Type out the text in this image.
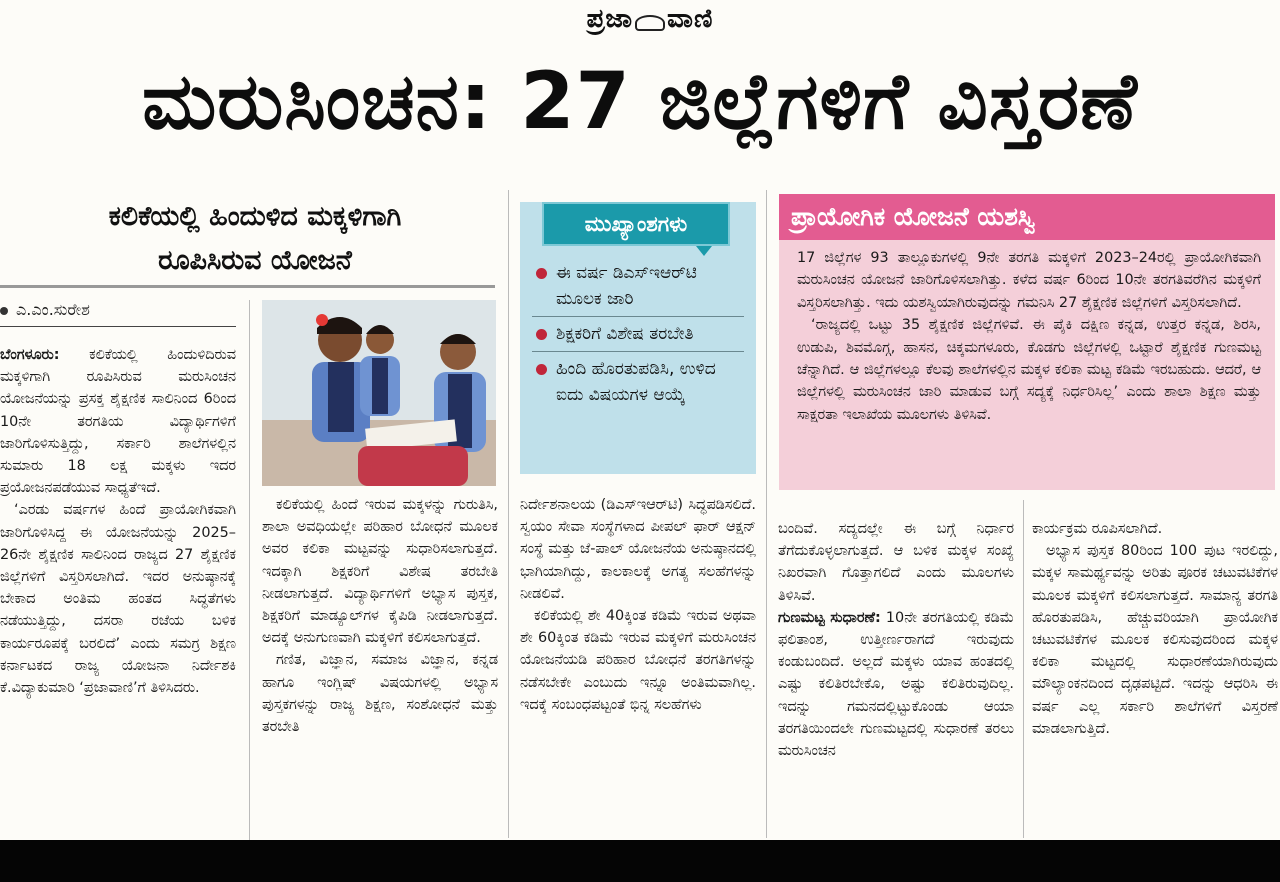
ಪ್ರಜಾ ವಾಣಿ
ಮರುಸಿಂಚನ: 27 ಜಿಲ್ಲೆಗಳಿಗೆ ವಿಸ್ತರಣೆ
ಕಲಿಕೆಯಲ್ಲಿ ಹಿಂದುಳಿದ ಮಕ್ಕಳಿಗಾಗಿ
ರೂಪಿಸಿರುವ ಯೋಜನೆ
ಎ.ಎಂ.ಸುರೇಶ

ಬೆಂಗಳೂರು: ಕಲಿಕೆಯಲ್ಲಿ ಹಿಂದುಳಿದಿರುವ ಮಕ್ಕಳಿಗಾಗಿ ರೂಪಿಸಿರುವ ಮರುಸಿಂಚನ ಯೋಜನೆಯನ್ನು ಪ್ರಸಕ್ತ ಶೈಕ್ಷಣಿಕ ಸಾಲಿನಿಂದ 6ರಿಂದ 10ನೇ ತರಗತಿಯ ವಿದ್ಯಾರ್ಥಿಗಳಿಗೆ ಜಾರಿಗೊಳಿಸುತ್ತಿದ್ದು, ಸರ್ಕಾರಿ ಶಾಲೆಗಳಲ್ಲಿನ ಸುಮಾರು 18 ಲಕ್ಷ ಮಕ್ಕಳು ಇದರ ಪ್ರಯೋಜನಪಡೆಯುವ ಸಾಧ್ಯತೆಇದೆ.

‘ಎರಡು ವರ್ಷಗಳ ಹಿಂದೆ ಪ್ರಾಯೋಗಿಕವಾಗಿ ಜಾರಿಗೊಳಿಸಿದ್ದ ಈ ಯೋಜನೆಯನ್ನು 2025–26ನೇ ಶೈಕ್ಷಣಿಕ ಸಾಲಿನಿಂದ ರಾಜ್ಯದ 27 ಶೈಕ್ಷಣಿಕ ಜಿಲ್ಲೆಗಳಿಗೆ ವಿಸ್ತರಿಸಲಾಗಿದೆ. ಇದರ ಅನುಷ್ಠಾನಕ್ಕೆ ಬೇಕಾದ ಅಂತಿಮ ಹಂತದ ಸಿದ್ಧತೆಗಳು ನಡೆಯುತ್ತಿದ್ದು, ದಸರಾ ರಜೆಯ ಬಳಿಕ ಕಾರ್ಯರೂಪಕ್ಕೆ ಬರಲಿದೆ’ ಎಂದು ಸಮಗ್ರ ಶಿಕ್ಷಣ ಕರ್ನಾಟಕದ ರಾಜ್ಯ ಯೋಜನಾ ನಿರ್ದೇಶಕಿ ಕೆ.ವಿದ್ಯಾಕುಮಾರಿ ‘ಪ್ರಜಾವಾಣಿ’ಗೆ ತಿಳಿಸಿದರು.

ಕಲಿಕೆಯಲ್ಲಿ ಹಿಂದೆ ಇರುವ ಮಕ್ಕಳನ್ನು ಗುರುತಿಸಿ, ಶಾಲಾ ಅವಧಿಯಲ್ಲೇ ಪರಿಹಾರ ಬೋಧನೆ ಮೂಲಕ ಅವರ ಕಲಿಕಾ ಮಟ್ಟವನ್ನು ಸುಧಾರಿಸಲಾಗುತ್ತದೆ. ಇದಕ್ಕಾಗಿ ಶಿಕ್ಷಕರಿಗೆ ವಿಶೇಷ ತರಬೇತಿ ನೀಡಲಾಗುತ್ತದೆ. ವಿದ್ಯಾರ್ಥಿಗಳಿಗೆ ಅಭ್ಯಾಸ ಪುಸ್ತಕ, ಶಿಕ್ಷಕರಿಗೆ ಮಾಡ್ಯೂಲ್‌ಗಳ ಕೈಪಿಡಿ ನೀಡಲಾಗುತ್ತದೆ. ಅದಕ್ಕೆ ಅನುಗುಣವಾಗಿ ಮಕ್ಕಳಿಗೆ ಕಲಿಸಲಾಗುತ್ತದೆ.

ಗಣಿತ, ವಿಜ್ಞಾನ, ಸಮಾಜ ವಿಜ್ಞಾನ, ಕನ್ನಡ ಹಾಗೂ ಇಂಗ್ಲಿಷ್ ವಿಷಯಗಳಲ್ಲಿ ಅಭ್ಯಾಸ ಪುಸ್ತಕಗಳನ್ನು ರಾಜ್ಯ ಶಿಕ್ಷಣ, ಸಂಶೋಧನೆ ಮತ್ತು ತರಬೇತಿ

ಮುಖ್ಯಾಂಶಗಳು
ಈ ವರ್ಷ ಡಿಎಸ್‌ಇಆರ್‌ಟಿ ಮೂಲಕ ಜಾರಿ
ಶಿಕ್ಷಕರಿಗೆ ವಿಶೇಷ ತರಬೇತಿ
ಹಿಂದಿ ಹೊರತುಪಡಿಸಿ, ಉಳಿದ ಐದು ವಿಷಯಗಳ ಆಯ್ಕೆ

ನಿರ್ದೇಶನಾಲಯ (ಡಿಎಸ್‌ಇಆರ್‌ಟಿ) ಸಿದ್ಧಪಡಿಸಲಿದೆ. ಸ್ವಯಂ ಸೇವಾ ಸಂಸ್ಥೆಗಳಾದ ಪೀಪಲ್ ಫಾರ್ ಆಕ್ಷನ್ ಸಂಸ್ಥೆ ಮತ್ತು ಜೆ-ಪಾಲ್ ಯೋಜನೆಯ ಅನುಷ್ಠಾನದಲ್ಲಿ ಭಾಗಿಯಾಗಿದ್ದು, ಕಾಲಕಾಲಕ್ಕೆ ಅಗತ್ಯ ಸಲಹೆಗಳನ್ನು ನೀಡಲಿವೆ.

ಕಲಿಕೆಯಲ್ಲಿ ಶೇ 40ಕ್ಕಿಂತ ಕಡಿಮೆ ಇರುವ ಅಥವಾ ಶೇ 60ಕ್ಕಿಂತ ಕಡಿಮೆ ಇರುವ ಮಕ್ಕಳಿಗೆ ಮರುಸಿಂಚನ ಯೋಜನೆಯಡಿ ಪರಿಹಾರ ಬೋಧನೆ ತರಗತಿಗಳನ್ನು ನಡೆಸಬೇಕೇ ಎಂಬುದು ಇನ್ನೂ ಅಂತಿಮವಾಗಿಲ್ಲ. ಇದಕ್ಕೆ ಸಂಬಂಧಪಟ್ಟಂತೆ ಭಿನ್ನ ಸಲಹೆಗಳು

ಪ್ರಾಯೋಗಿಕ ಯೋಜನೆ ಯಶಸ್ವಿ

17 ಜಿಲ್ಲೆಗಳ 93 ತಾಲ್ಲೂಕುಗಳಲ್ಲಿ 9ನೇ ತರಗತಿ ಮಕ್ಕಳಿಗೆ 2023–24ರಲ್ಲಿ ಪ್ರಾಯೋಗಿಕವಾಗಿ ಮರುಸಿಂಚನ ಯೋಜನೆ ಜಾರಿಗೊಳಿಸಲಾಗಿತ್ತು. ಕಳೆದ ವರ್ಷ 6ರಿಂದ 10ನೇ ತರಗತಿವರೆಗಿನ ಮಕ್ಕಳಿಗೆ ವಿಸ್ತರಿಸಲಾಗಿತ್ತು. ಇದು ಯಶಸ್ವಿಯಾಗಿರುವುದನ್ನು ಗಮನಿಸಿ 27 ಶೈಕ್ಷಣಿಕ ಜಿಲ್ಲೆಗಳಿಗೆ ವಿಸ್ತರಿಸಲಾಗಿದೆ.

‘ರಾಜ್ಯದಲ್ಲಿ ಒಟ್ಟು 35 ಶೈಕ್ಷಣಿಕ ಜಿಲ್ಲೆಗಳಿವೆ. ಈ ಪೈಕಿ ದಕ್ಷಿಣ ಕನ್ನಡ, ಉತ್ತರ ಕನ್ನಡ, ಶಿರಸಿ, ಉಡುಪಿ, ಶಿವಮೊಗ್ಗ, ಹಾಸನ, ಚಿಕ್ಕಮಗಳೂರು, ಕೊಡಗು ಜಿಲ್ಲೆಗಳಲ್ಲಿ ಒಟ್ಟಾರೆ ಶೈಕ್ಷಣಿಕ ಗುಣಮಟ್ಟ ಚೆನ್ನಾಗಿದೆ. ಆ ಜಿಲ್ಲೆಗಳಲ್ಲೂ ಕೆಲವು ಶಾಲೆಗಳಲ್ಲಿನ ಮಕ್ಕಳ ಕಲಿಕಾ ಮಟ್ಟ ಕಡಿಮೆ ಇರಬಹುದು. ಆದರೆ, ಆ ಜಿಲ್ಲೆಗಳಲ್ಲಿ ಮರುಸಿಂಚನ ಜಾರಿ ಮಾಡುವ ಬಗ್ಗೆ ಸದ್ಯಕ್ಕೆ ನಿರ್ಧರಿಸಿಲ್ಲ’ ಎಂದು ಶಾಲಾ ಶಿಕ್ಷಣ ಮತ್ತು ಸಾಕ್ಷರತಾ ಇಲಾಖೆಯ ಮೂಲಗಳು ತಿಳಿಸಿವೆ.

ಬಂದಿವೆ. ಸದ್ಯದಲ್ಲೇ ಈ ಬಗ್ಗೆ ನಿರ್ಧಾರ ತೆಗೆದುಕೊಳ್ಳಲಾಗುತ್ತದೆ. ಆ ಬಳಿಕ ಮಕ್ಕಳ ಸಂಖ್ಯೆ ನಿಖರವಾಗಿ ಗೊತ್ತಾಗಲಿದೆ ಎಂದು ಮೂಲಗಳು ತಿಳಿಸಿವೆ.

ಗುಣಮಟ್ಟ ಸುಧಾರಣೆ: 10ನೇ ತರಗತಿಯಲ್ಲಿ ಕಡಿಮೆ ಫಲಿತಾಂಶ, ಉತ್ತೀರ್ಣರಾಗದೆ ಇರುವುದು ಕಂಡುಬಂದಿದೆ. ಅಲ್ಲದೆ ಮಕ್ಕಳು ಯಾವ ಹಂತದಲ್ಲಿ ಎಷ್ಟು ಕಲಿತಿರಬೇಕೊ, ಅಷ್ಟು ಕಲಿತಿರುವುದಿಲ್ಲ. ಇದನ್ನು ಗಮನದಲ್ಲಿಟ್ಟುಕೊಂಡು ಆಯಾ ತರಗತಿಯಿಂದಲೇ ಗುಣಮಟ್ಟದಲ್ಲಿ ಸುಧಾರಣೆ ತರಲು ಮರುಸಿಂಚನ

ಕಾರ್ಯಕ್ರಮ ರೂಪಿಸಲಾಗಿದೆ.

ಅಭ್ಯಾಸ ಪುಸ್ತಕ 80ರಿಂದ 100 ಪುಟ ಇರಲಿದ್ದು, ಮಕ್ಕಳ ಸಾಮರ್ಥ್ಯವನ್ನು ಅರಿತು ಪೂರಕ ಚಟುವಟಿಕೆಗಳ ಮೂಲಕ ಮಕ್ಕಳಿಗೆ ಕಲಿಸಲಾಗುತ್ತದೆ. ಸಾಮಾನ್ಯ ತರಗತಿ ಹೊರತುಪಡಿಸಿ, ಹೆಚ್ಚುವರಿಯಾಗಿ ಪ್ರಾಯೋಗಿಕ ಚಟುವಟಿಕೆಗಳ ಮೂಲಕ ಕಲಿಸುವುದರಿಂದ ಮಕ್ಕಳ ಕಲಿಕಾ ಮಟ್ಟದಲ್ಲಿ ಸುಧಾರಣೆಯಾಗಿರುವುದು ಮೌಲ್ಯಾಂಕನದಿಂದ ದೃಢಪಟ್ಟಿದೆ. ಇದನ್ನು ಆಧರಿಸಿ ಈ ವರ್ಷ ಎಲ್ಲ ಸರ್ಕಾರಿ ಶಾಲೆಗಳಿಗೆ ವಿಸ್ತರಣೆ ಮಾಡಲಾಗುತ್ತಿದೆ.
